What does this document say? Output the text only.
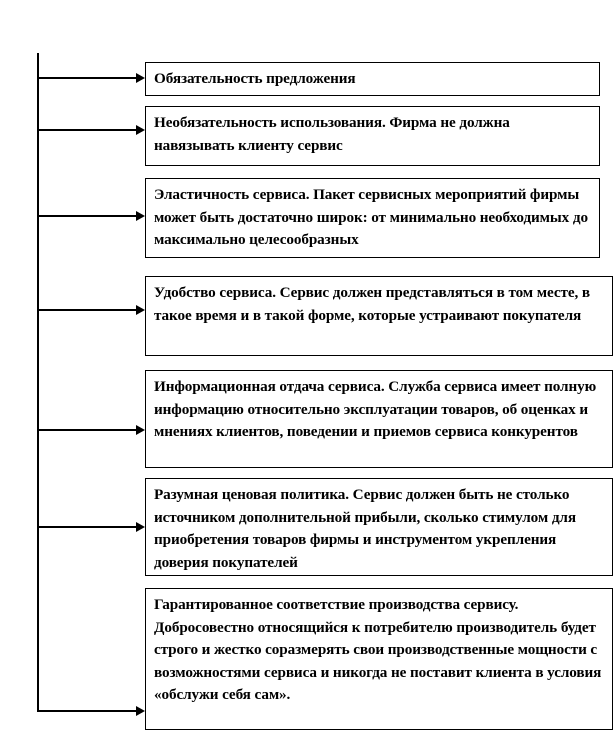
Обязательность предложения
Необязательность использования. Фирма не должна навязывать клиенту сервис
Эластичность сервиса. Пакет сервисных мероприятий фирмы может быть достаточно широк: от минимально необходимых до максимально целесообразных
Удобство сервиса. Сервис должен представляться в том месте, в такое время и в такой форме, которые устраивают покупателя
Информационная отдача сервиса. Служба сервиса имеет полную информацию относительно эксплуатации товаров, об оценках и мнениях клиентов, поведении и приемов сервиса конкурентов
Разумная ценовая политика. Сервис должен быть не столько источником дополнительной прибыли, сколько стимулом для приобретения товаров фирмы и инструментом укрепления доверия покупателей
Гарантированное соответствие производства сервису. Добросовестно относящийся к потребителю производитель будет строго и жестко соразмерять свои производственные мощности с возможностями сервиса и никогда не поставит клиента в условия «обслужи себя сам».
